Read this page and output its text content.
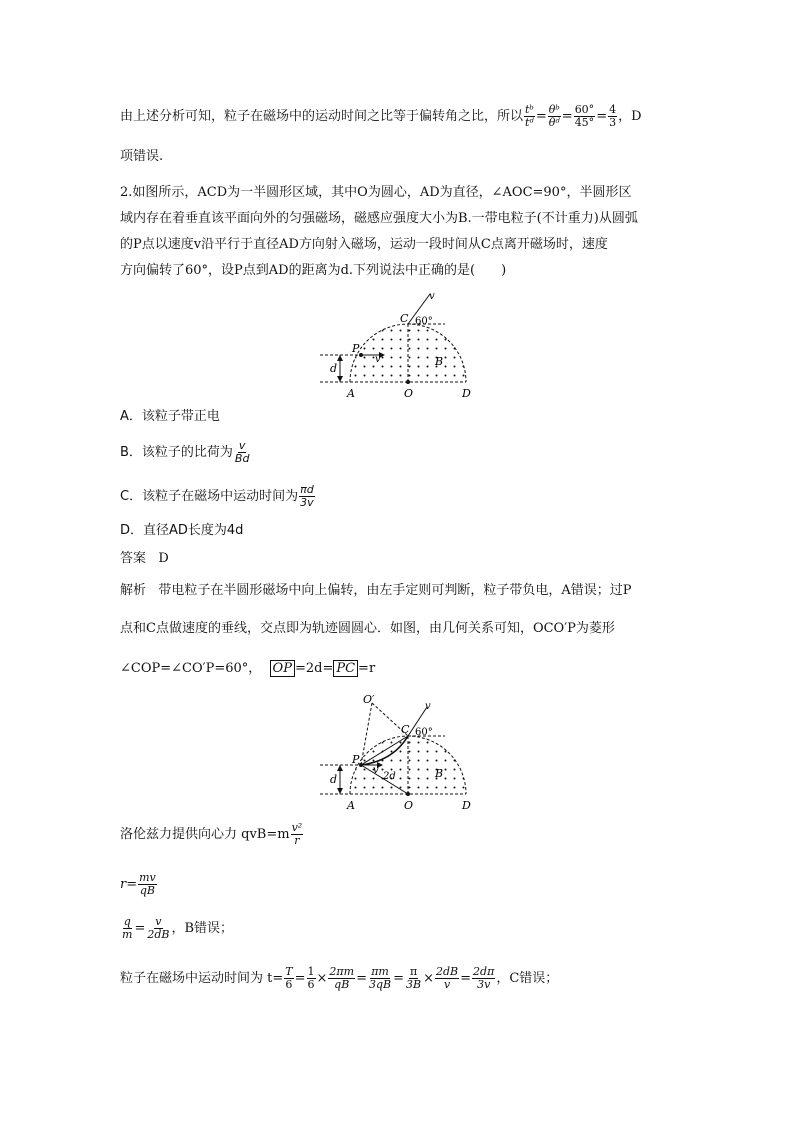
由上述分析可知，粒子在磁场中的运动时间之比等于偏转角之比，所以 $\frac{\text{tᵇ}}{\text{tᵈ}} = \frac{\text{θᵇ}}{\text{θᵈ}} = \frac{60^\circ}{45^\circ} = \frac{4}{3}$ ，D
项错误.
2.如图所示，ACD为一半圆形区域，其中O为圆心，AD为直径，∠AOC=90°，半圆形区
域内存在着垂直该平面向外的匀强磁场，磁感应强度大小为B.一带电粒子(不计重力)从圆弧
的P点以速度v沿平行于直径AD方向射入磁场，运动一段时间从C点离开磁场时，速度
方向偏转了60°，设P点到AD的距离为d.下列说法中正确的是(　　)
A	O	D
C
P
d
v
v	B
60°
A．该粒子带正电
B．该粒子的比荷为 $\frac{v}{Bd}$
C．该粒子在磁场中运动时间为 $\frac{\pi d}{3v}$
D．直径AD长度为4d
答案 D
解析 带电粒子在半圆形磁场中向上偏转，由左手定则可判断，粒子带负电，A错误；过P
点和C点做速度的垂线，交点即为轨迹圆圆心．如图，由几何关系可知，OCO′P为菱形
∠COP=∠CO′P=60°， OP =2d= PC =r
O′
C
v
60°
P
v
2d	B
d
A	O	D
洛伦兹力提供向心力 $qvB=m \frac{\text{v²}}{r}$
$r= \frac{mv}{qB}$
$\frac{q}{m} = \frac{v}{2dB}$ ，B错误；
粒子在磁场中运动时间为 $t= \frac{T}{6} = \frac{1}{6} \times \frac{2\pi m}{qB} = \frac{\pi m}{3qB} = \frac{\pi}{3B} \times \frac{2dB}{v} = \frac{2d\pi}{3v}$ ，C错误；
